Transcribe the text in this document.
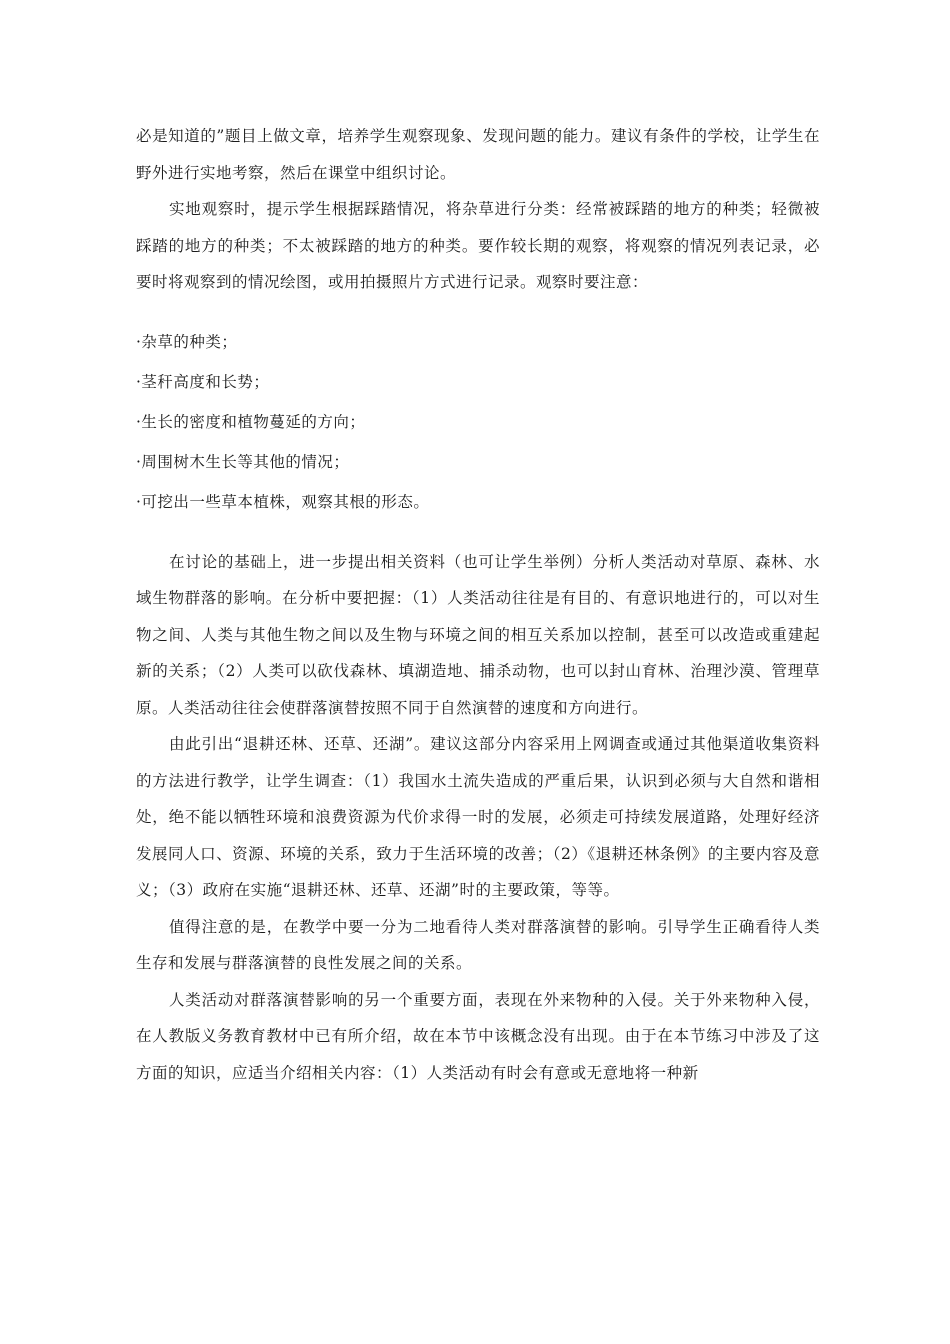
必是知道的”题目上做文章，培养学生观察现象、发现问题的能力。建议有条件的学校，让学生在野外进行实地考察，然后在课堂中组织讨论。

实地观察时，提示学生根据踩踏情况，将杂草进行分类：经常被踩踏的地方的种类；轻微被踩踏的地方的种类；不太被踩踏的地方的种类。要作较长期的观察，将观察的情况列表记录，必要时将观察到的情况绘图，或用拍摄照片方式进行记录。观察时要注意：

·杂草的种类；
·茎秆高度和长势；
·生长的密度和植物蔓延的方向；
·周围树木生长等其他的情况；
·可挖出一些草本植株，观察其根的形态。

在讨论的基础上，进一步提出相关资料（也可让学生举例）分析人类活动对草原、森林、水域生物群落的影响。在分析中要把握：（1）人类活动往往是有目的、有意识地进行的，可以对生物之间、人类与其他生物之间以及生物与环境之间的相互关系加以控制，甚至可以改造或重建起新的关系；（2）人类可以砍伐森林、填湖造地、捕杀动物，也可以封山育林、治理沙漠、管理草原。人类活动往往会使群落演替按照不同于自然演替的速度和方向进行。

由此引出“退耕还林、还草、还湖”。建议这部分内容采用上网调查或通过其他渠道收集资料的方法进行教学，让学生调查：（1）我国水土流失造成的严重后果，认识到必须与大自然和谐相处，绝不能以牺牲环境和浪费资源为代价求得一时的发展，必须走可持续发展道路，处理好经济发展同人口、资源、环境的关系，致力于生活环境的改善；（2）《退耕还林条例》的主要内容及意义；（3）政府在实施“退耕还林、还草、还湖”时的主要政策，等等。

值得注意的是，在教学中要一分为二地看待人类对群落演替的影响。引导学生正确看待人类生存和发展与群落演替的良性发展之间的关系。

人类活动对群落演替影响的另一个重要方面，表现在外来物种的入侵。关于外来物种入侵，在人教版义务教育教材中已有所介绍，故在本节中该概念没有出现。由于在本节练习中涉及了这方面的知识，应适当介绍相关内容：（1）人类活动有时会有意或无意地将一种新
